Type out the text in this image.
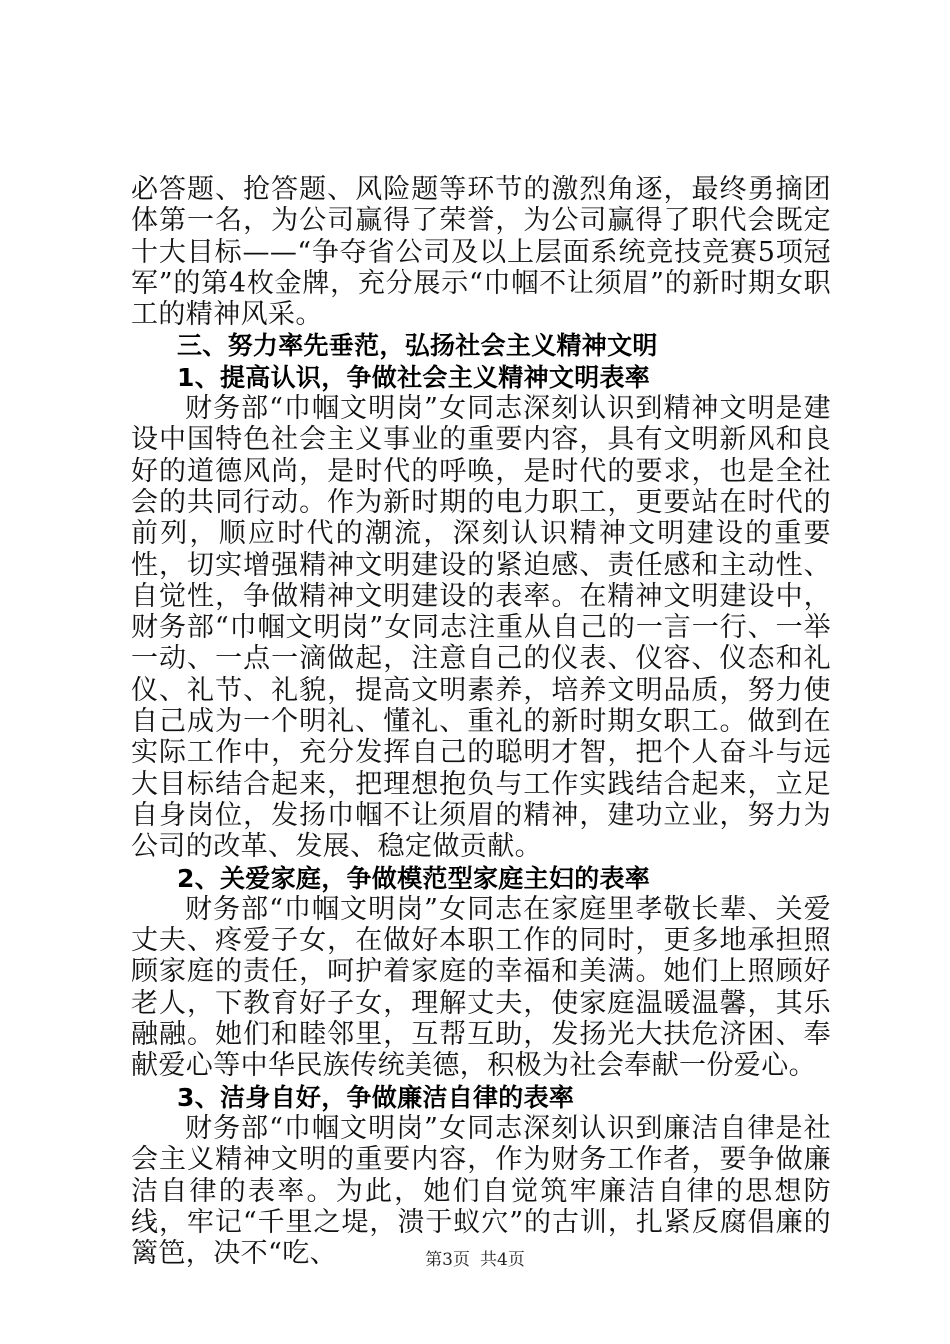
必答题、抢答题、风险题等环节的激烈角逐，最终勇摘团体第一名，为公司赢得了荣誉，为公司赢得了职代会既定十大目标——“争夺省公司及以上层面系统竞技竞赛5项冠军”的第4枚金牌，充分展示“巾帼不让须眉”的新时期女职工的精神风采。

三、努力率先垂范，弘扬社会主义精神文明

1、提高认识，争做社会主义精神文明表率

财务部“巾帼文明岗”女同志深刻认识到精神文明是建设中国特色社会主义事业的重要内容，具有文明新风和良好的道德风尚，是时代的呼唤，是时代的要求，也是全社会的共同行动。作为新时期的电力职工，更要站在时代的前列，顺应时代的潮流，深刻认识精神文明建设的重要性，切实增强精神文明建设的紧迫感、责任感和主动性、自觉性，争做精神文明建设的表率。在精神文明建设中，财务部“巾帼文明岗”女同志注重从自己的一言一行、一举一动、一点一滴做起，注意自己的仪表、仪容、仪态和礼仪、礼节、礼貌，提高文明素养，培养文明品质，努力使自己成为一个明礼、懂礼、重礼的新时期女职工。做到在实际工作中，充分发挥自己的聪明才智，把个人奋斗与远大目标结合起来，把理想抱负与工作实践结合起来，立足自身岗位，发扬巾帼不让须眉的精神，建功立业，努力为公司的改革、发展、稳定做贡献。

2、关爱家庭，争做模范型家庭主妇的表率

财务部“巾帼文明岗”女同志在家庭里孝敬长辈、关爱丈夫、疼爱子女，在做好本职工作的同时，更多地承担照顾家庭的责任，呵护着家庭的幸福和美满。她们上照顾好老人，下教育好子女，理解丈夫，使家庭温暖温馨，其乐融融。她们和睦邻里，互帮互助，发扬光大扶危济困、奉献爱心等中华民族传统美德，积极为社会奉献一份爱心。

3、洁身自好，争做廉洁自律的表率

财务部“巾帼文明岗”女同志深刻认识到廉洁自律是社会主义精神文明的重要内容，作为财务工作者，要争做廉洁自律的表率。为此，她们自觉筑牢廉洁自律的思想防线，牢记“千里之堤，溃于蚁穴”的古训，扎紧反腐倡廉的篱笆，决不“吃、	第3页 共4页
